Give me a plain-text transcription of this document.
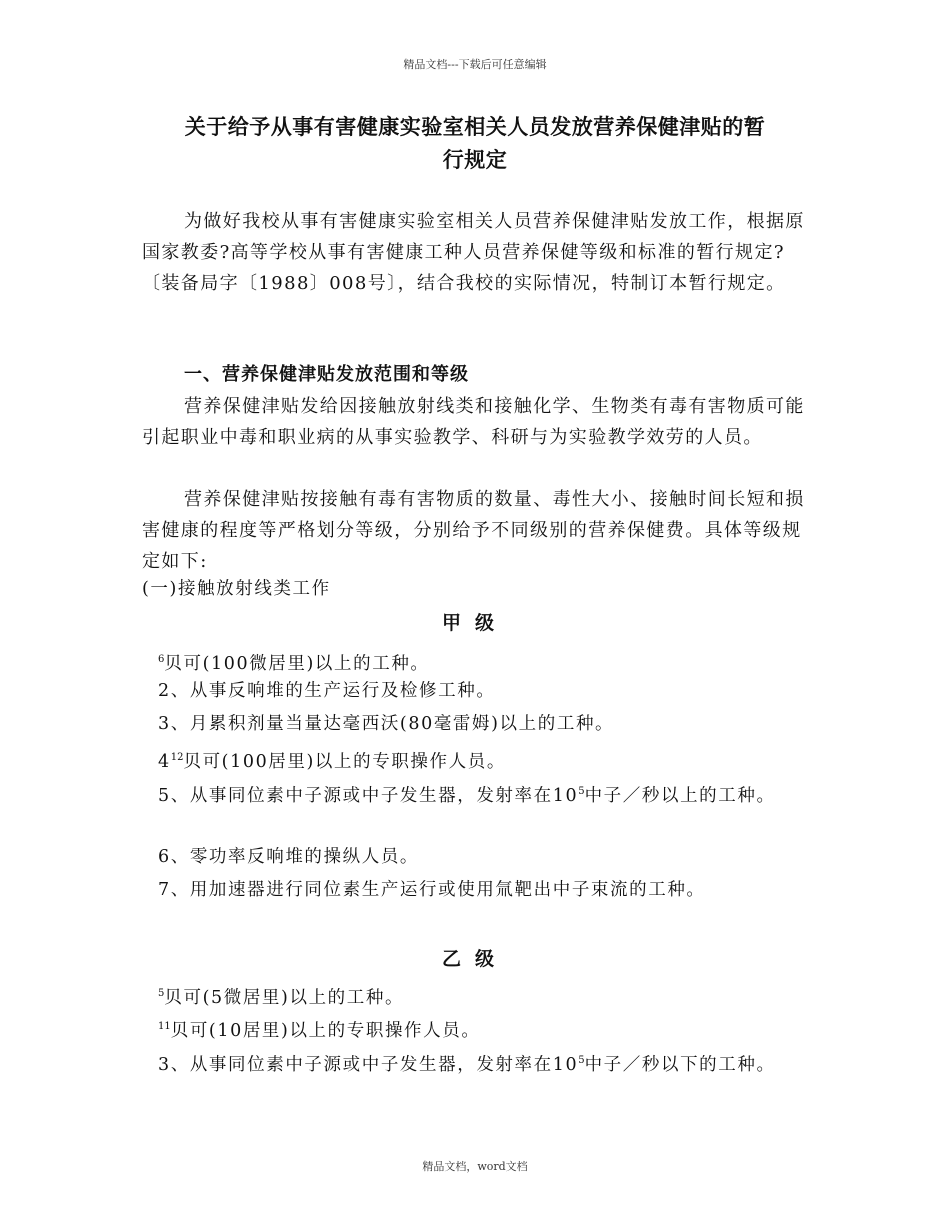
精品文档---下载后可任意编辑
关于给予从事有害健康实验室相关人员发放营养保健津贴的暂
行规定

为做好我校从事有害健康实验室相关人员营养保健津贴发放工作，根据原国家教委?高等学校从事有害健康工种人员营养保健等级和标准的暂行规定?〔装备局字〔1988〕008号〕，结合我校的实际情况，特制订本暂行规定。

一、营养保健津贴发放范围和等级

营养保健津贴发给因接触放射线类和接触化学、生物类有毒有害物质可能引起职业中毒和职业病的从事实验教学、科研与为实验教学效劳的人员。

营养保健津贴按接触有毒有害物质的数量、毒性大小、接触时间长短和损害健康的程度等严格划分等级，分别给予不同级别的营养保健费。具体等级规定如下:

(一)接触放射线类工作
甲级
$^6$贝可(100微居里)以上的工种。
2、从事反响堆的生产运行及检修工种。
3、月累积剂量当量达毫西沃(80毫雷姆)以上的工种。
$4^{12}$贝可(100居里)以上的专职操作人员。
5、从事同位素中子源或中子发生器，发射率在$10^5$中子／秒以上的工种。
6、零功率反响堆的操纵人员。
7、用加速器进行同位素生产运行或使用氚靶出中子束流的工种。
乙级
$^5$贝可(5微居里)以上的工种。
$^{11}$贝可(10居里)以上的专职操作人员。
3、从事同位素中子源或中子发生器，发射率在$10^5$中子／秒以下的工种。
精品文档，word文档
